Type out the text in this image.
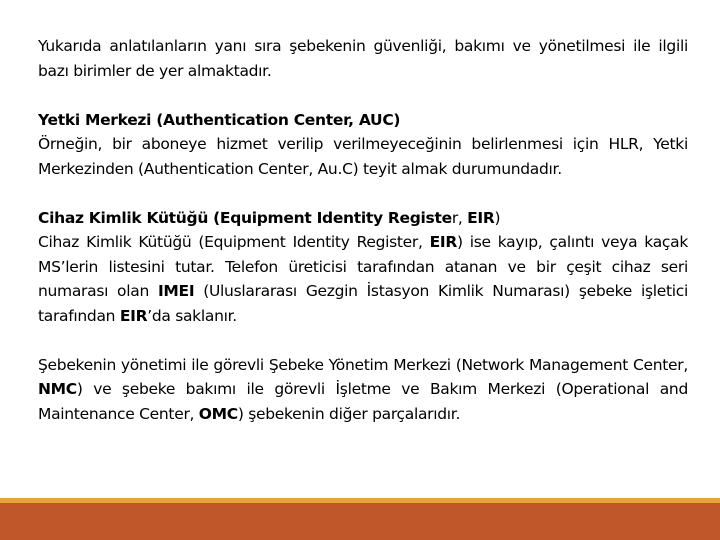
Yukarıda anlatılanların yanı sıra şebekenin güvenliği, bakımı ve yönetilmesi ile ilgili bazı birimler de yer almaktadır.

Yetki Merkezi (Authentication Center, AUC)
Örneğin, bir aboneye hizmet verilip verilmeyeceğinin belirlenmesi için HLR, Yetki Merkezinden (Authentication Center, Au.C) teyit almak durumundadır.

Cihaz Kimlik Kütüğü (Equipment Identity Register, EIR)
Cihaz Kimlik Kütüğü (Equipment Identity Register, EIR) ise kayıp, çalıntı veya kaçak MS’lerin listesini tutar. Telefon üreticisi tarafından atanan ve bir çeşit cihaz seri numarası olan IMEI (Uluslararası Gezgin İstasyon Kimlik Numarası) şebeke işletici tarafından EIR’da saklanır.

Şebekenin yönetimi ile görevli Şebeke Yönetim Merkezi (Network Management Center, NMC) ve şebeke bakımı ile görevli İşletme ve Bakım Merkezi (Operational and Maintenance Center, OMC) şebekenin diğer parçalarıdır.
